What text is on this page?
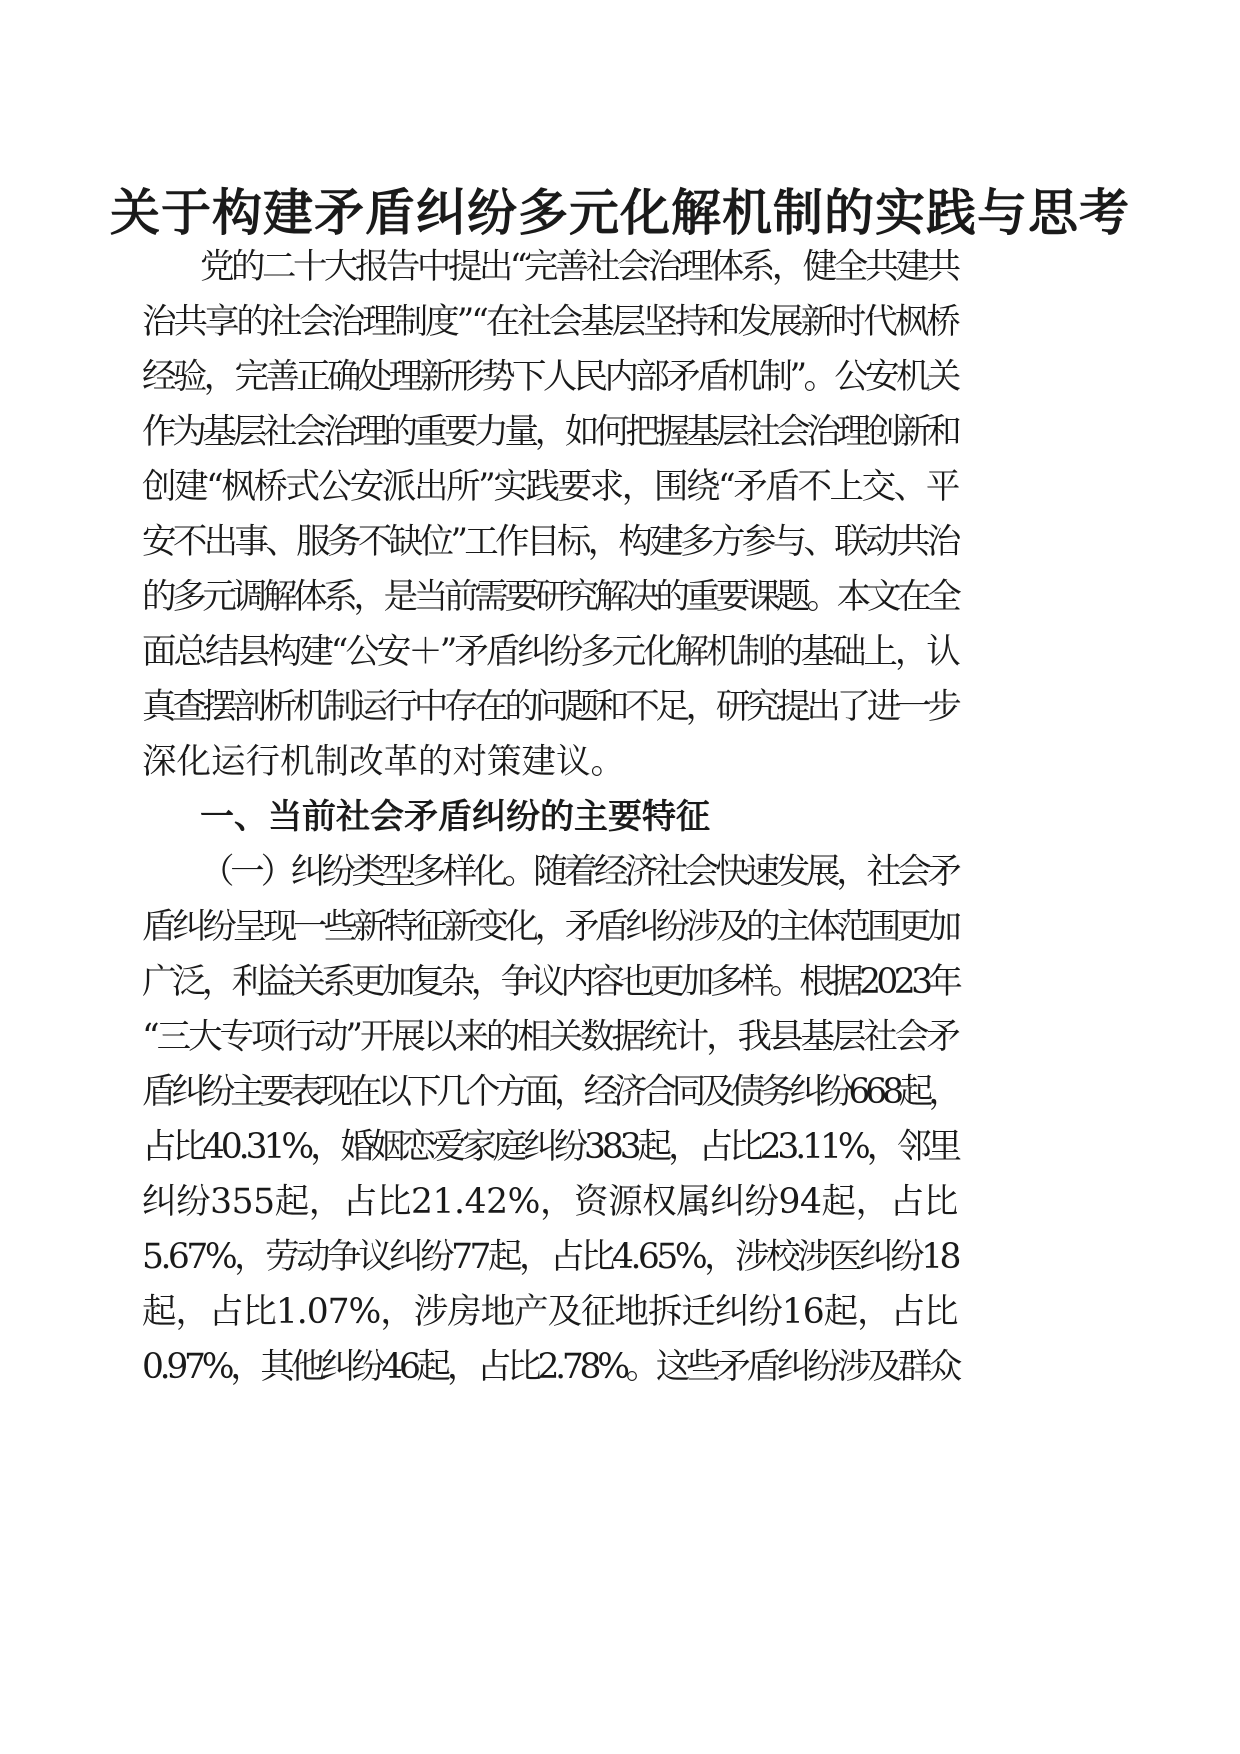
关于构建矛盾纠纷多元化解机制的实践与思考
党的二十大报告中提出“完善社会治理体系，健全共建共
治共享的社会治理制度”“在社会基层坚持和发展新时代枫桥
经验，完善正确处理新形势下人民内部矛盾机制”。公安机关
作为基层社会治理的重要力量，如何把握基层社会治理创新和
创建“枫桥式公安派出所”实践要求，围绕“矛盾不上交、平
安不出事、服务不缺位”工作目标，构建多方参与、联动共治
的多元调解体系，是当前需要研究解决的重要课题。本文在全
面总结县构建“公安＋”矛盾纠纷多元化解机制的基础上，认
真查摆剖析机制运行中存在的问题和不足，研究提出了进一步
深化运行机制改革的对策建议。
一、当前社会矛盾纠纷的主要特征
（一）纠纷类型多样化。随着经济社会快速发展，社会矛
盾纠纷呈现一些新特征新变化，矛盾纠纷涉及的主体范围更加
广泛，利益关系更加复杂，争议内容也更加多样。根据2023年
“三大专项行动”开展以来的相关数据统计，我县基层社会矛
盾纠纷主要表现在以下几个方面，经济合同及债务纠纷668起，
占比40.31%，婚姻恋爱家庭纠纷383起，占比23.11%，邻里
纠纷355起，占比21.42%，资源权属纠纷94起，占比
5.67%，劳动争议纠纷77起，占比4.65%，涉校涉医纠纷18
起，占比1.07%，涉房地产及征地拆迁纠纷16起，占比
0.97%，其他纠纷46起，占比2.78%。这些矛盾纠纷涉及群众
